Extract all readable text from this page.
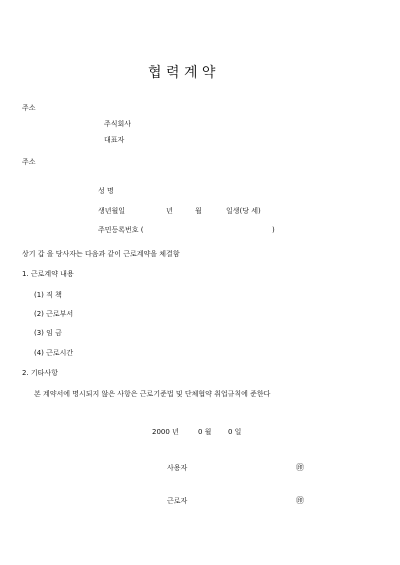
협 력 계 약
주소
주식회사
대표자
주소
성 명
생년월일	년	월	일생(당 세)
주민등록번호 (	)
상기 갑 을 당사자는 다음과 같이 근로계약을 체결함
1. 근로계약 내용
(1) 직 책
(2) 근로부서
(3) 임 금
(4) 근로시간
2. 기타사항
본 계약서에 명시되지 않은 사항은 근로기준법 및 단체협약 취업규칙에 준한다
2000 년	0 월 0 일
사용자	㊞
근로자	㊞
